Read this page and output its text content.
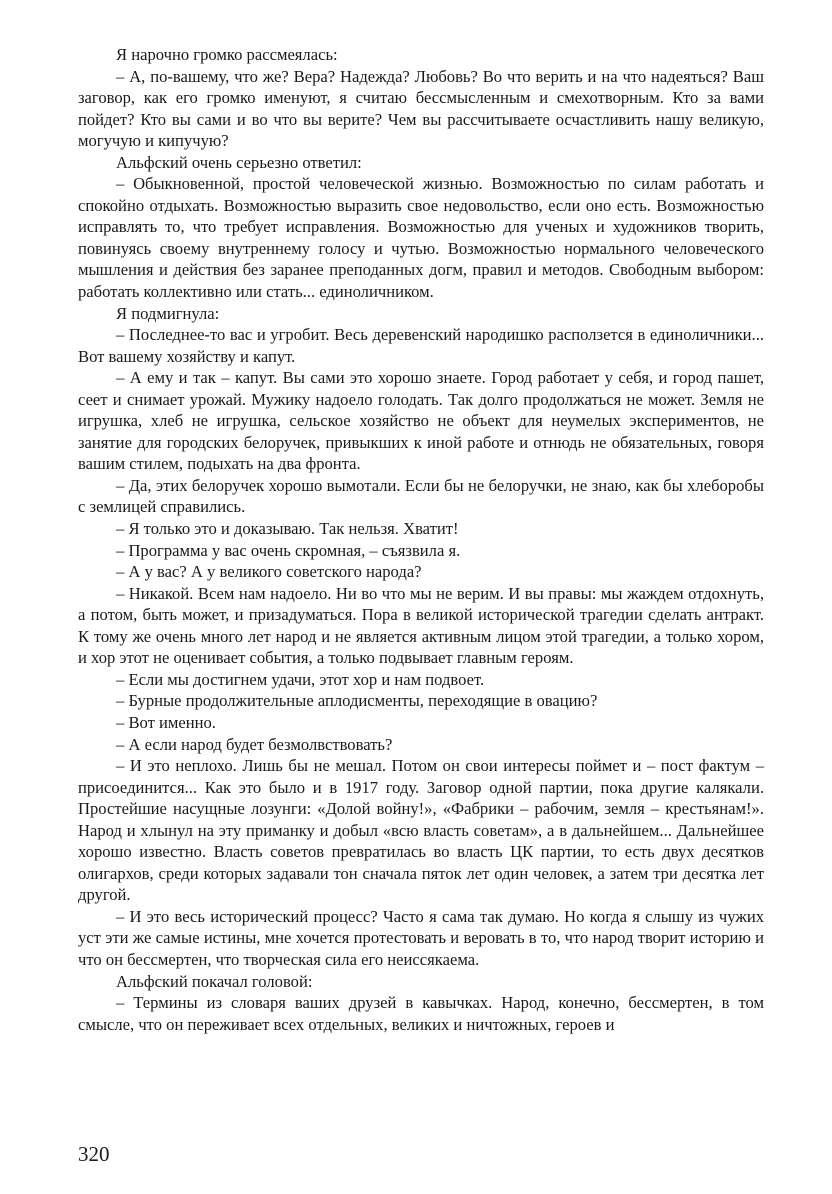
Я нарочно громко рассмеялась:

– А, по-вашему, что же? Вера? Надежда? Любовь? Во что верить и на что надеяться? Ваш заговор, как его громко именуют, я считаю бессмысленным и смехотворным. Кто за вами пойдет? Кто вы сами и во что вы верите? Чем вы рассчитываете осчастливить нашу великую, могучую и кипучую?

Альфский очень серьезно ответил:

– Обыкновенной, простой человеческой жизнью. Возможностью по силам работать и спокойно отдыхать. Возможностью выразить свое недовольство, если оно есть. Возможностью исправлять то, что требует исправления. Возможностью для ученых и художников творить, повинуясь своему внутреннему голосу и чутью. Возможностью нормального человеческого мышления и действия без заранее преподанных догм, правил и методов. Свободным выбором: работать коллективно или стать... единоличником.

Я подмигнула:

– Последнее-то вас и угробит. Весь деревенский народишко расползется в единоличники... Вот вашему хозяйству и капут.

– А ему и так – капут. Вы сами это хорошо знаете. Город работает у себя, и город пашет, сеет и снимает урожай. Мужику надоело голодать. Так долго продолжаться не может. Земля не игрушка, хлеб не игрушка, сельское хозяйство не объект для неумелых экспериментов, не занятие для городских белоручек, привыкших к иной работе и отнюдь не обязательных, говоря вашим стилем, подыхать на два фронта.

– Да, этих белоручек хорошо вымотали. Если бы не белоручки, не знаю, как бы хлеборобы с землицей справились.

– Я только это и доказываю. Так нельзя. Хватит!

– Программа у вас очень скромная, – съязвила я.

– А у вас? А у великого советского народа?

– Никакой. Всем нам надоело. Ни во что мы не верим. И вы правы: мы жаждем отдохнуть, а потом, быть может, и призадуматься. Пора в великой исторической трагедии сделать антракт. К тому же очень много лет народ и не является активным лицом этой трагедии, а только хором, и хор этот не оценивает события, а только подвывает главным героям.

– Если мы достигнем удачи, этот хор и нам подвоет.

– Бурные продолжительные аплодисменты, переходящие в овацию?

– Вот именно.

– А если народ будет безмолвствовать?

– И это неплохо. Лишь бы не мешал. Потом он свои интересы поймет и – пост фактум – присоединится... Как это было и в 1917 году. Заговор одной партии, пока другие калякали. Простейшие насущные лозунги: «Долой войну!», «Фабрики – рабочим, земля – крестьянам!». Народ и хлынул на эту приманку и добыл «всю власть советам», а в дальнейшем... Дальнейшее хорошо известно. Власть советов превратилась во власть ЦК партии, то есть двух десятков олигархов, среди которых задавали тон сначала пяток лет один человек, а затем три десятка лет другой.

– И это весь исторический процесс? Часто я сама так думаю. Но когда я слышу из чужих уст эти же самые истины, мне хочется протестовать и веровать в то, что народ творит историю и что он бессмертен, что творческая сила его неиссякаема.

Альфский покачал головой:

– Термины из словаря ваших друзей в кавычках. Народ, конечно, бессмертен, в том смысле, что он переживает всех отдельных, великих и ничтожных, героев и

320
